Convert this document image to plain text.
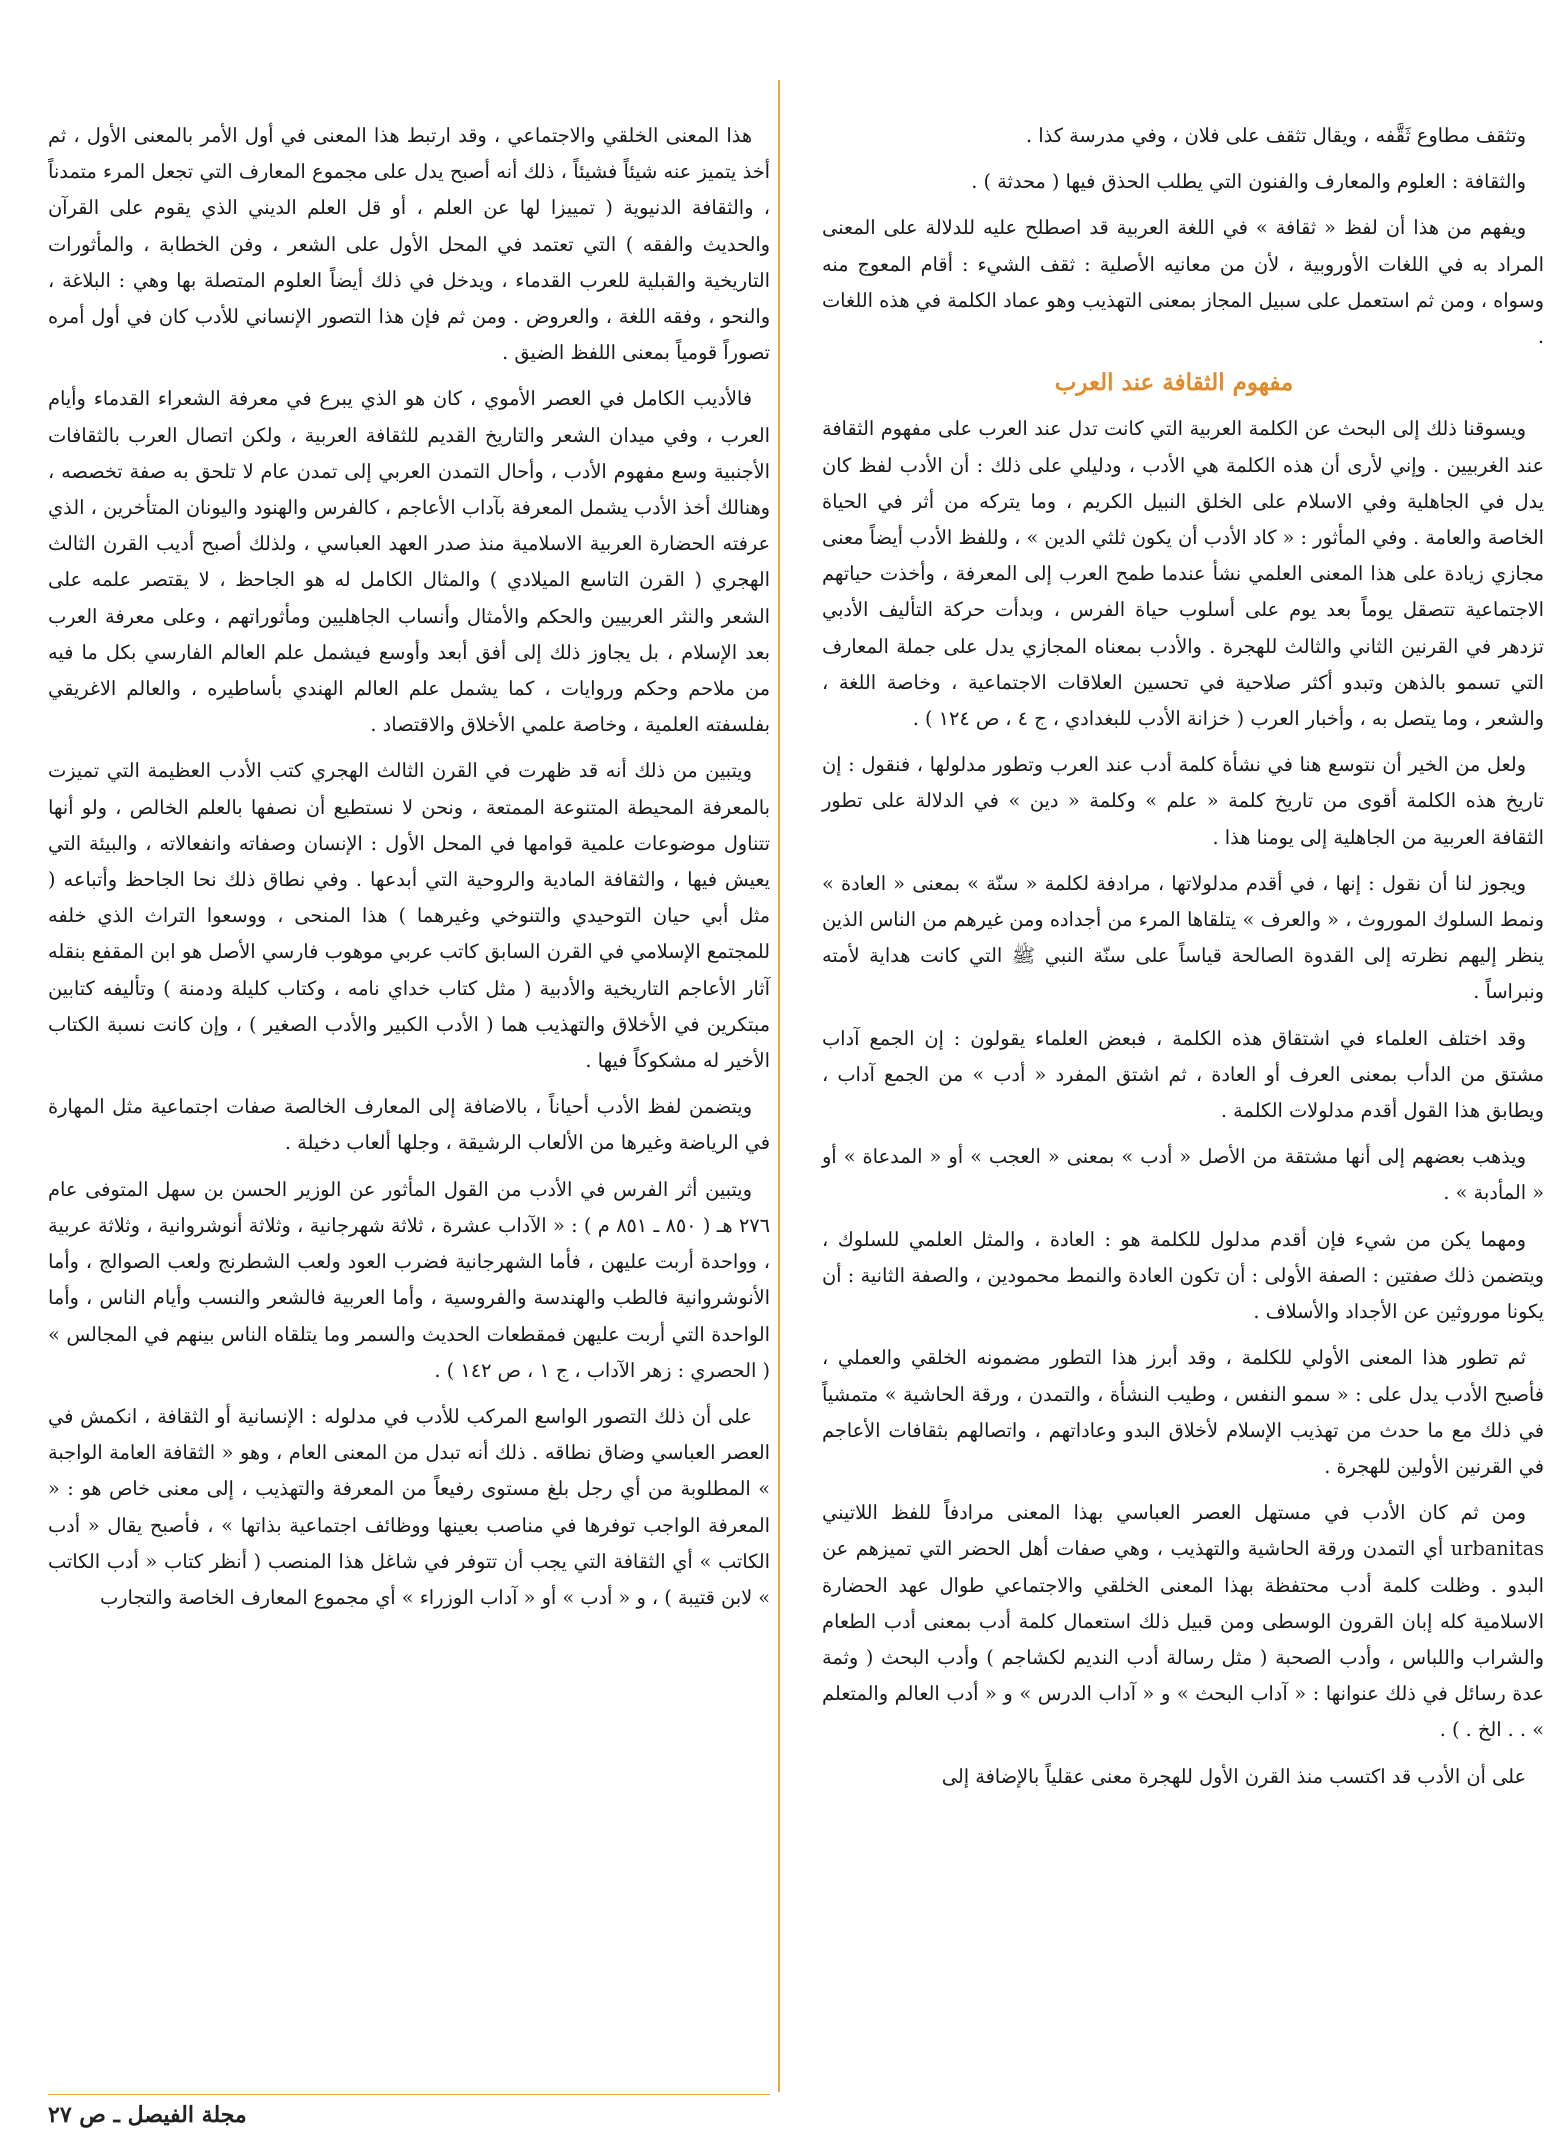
وتثقف مطاوع ثَقَّفه ، ويقال تثقف على فلان ، وفي مدرسة كذا .

والثقافة : العلوم والمعارف والفنون التي يطلب الحذق فيها ( محدثة ) .

ويفهم من هذا أن لفظ « ثقافة » في اللغة العربية قد اصطلح عليه للدلالة على المعنى المراد به في اللغات الأوروبية ، لأن من معانيه الأصلية : ثقف الشيء : أقام المعوج منه وسواه ، ومن ثم استعمل على سبيل المجاز بمعنى التهذيب وهو عماد الكلمة في هذه اللغات .

مفهوم الثقافة عند العرب

ويسوقنا ذلك إلى البحث عن الكلمة العربية التي كانت تدل عند العرب على مفهوم الثقافة عند الغربيين . وإني لأرى أن هذه الكلمة هي الأدب ، ودليلي على ذلك : أن الأدب لفظ كان يدل في الجاهلية وفي الاسلام على الخلق النبيل الكريم ، وما يتركه من أثر في الحياة الخاصة والعامة . وفي المأثور : « كاد الأدب أن يكون ثلثي الدين » ، وللفظ الأدب أيضاً معنى مجازي زيادة على هذا المعنى العلمي نشأ عندما طمح العرب إلى المعرفة ، وأخذت حياتهم الاجتماعية تتصقل يوماً بعد يوم على أسلوب حياة الفرس ، وبدأت حركة التأليف الأدبي تزدهر في القرنين الثاني والثالث للهجرة . والأدب بمعناه المجازي يدل على جملة المعارف التي تسمو بالذهن وتبدو أكثر صلاحية في تحسين العلاقات الاجتماعية ، وخاصة اللغة ، والشعر ، وما يتصل به ، وأخبار العرب ( خزانة الأدب للبغدادي ، ج ٤ ، ص ١٢٤ ) .

ولعل من الخير أن نتوسع هنا في نشأة كلمة أدب عند العرب وتطور مدلولها ، فنقول : إن تاريخ هذه الكلمة أقوى من تاريخ كلمة « علم » وكلمة « دين » في الدلالة على تطور الثقافة العربية من الجاهلية إلى يومنا هذا .

ويجوز لنا أن نقول : إنها ، في أقدم مدلولاتها ، مرادفة لكلمة « سنّة » بمعنى « العادة » ونمط السلوك الموروث ، « والعرف » يتلقاها المرء من أجداده ومن غيرهم من الناس الذين ينظر إليهم نظرته إلى القدوة الصالحة قياساً على سنّة النبي ﷺ التي كانت هداية لأمته ونبراساً .

وقد اختلف العلماء في اشتقاق هذه الكلمة ، فبعض العلماء يقولون : إن الجمع آداب مشتق من الدأب بمعنى العرف أو العادة ، ثم اشتق المفرد « أدب » من الجمع آداب ، ويطابق هذا القول أقدم مدلولات الكلمة .

ويذهب بعضهم إلى أنها مشتقة من الأصل « أدب » بمعنى « العجب » أو « المدعاة » أو « المأدبة » .

ومهما يكن من شيء فإن أقدم مدلول للكلمة هو : العادة ، والمثل العلمي للسلوك ، ويتضمن ذلك صفتين : الصفة الأولى : أن تكون العادة والنمط محمودين ، والصفة الثانية : أن يكونا موروثين عن الأجداد والأسلاف .

ثم تطور هذا المعنى الأولي للكلمة ، وقد أبرز هذا التطور مضمونه الخلقي والعملي ، فأصبح الأدب يدل على : « سمو النفس ، وطيب النشأة ، والتمدن ، ورقة الحاشية » متمشياً في ذلك مع ما حدث من تهذيب الإسلام لأخلاق البدو وعاداتهم ، واتصالهم بثقافات الأعاجم في القرنين الأولين للهجرة .

ومن ثم كان الأدب في مستهل العصر العباسي بهذا المعنى مرادفاً للفظ اللاتيني urbanitas أي التمدن ورقة الحاشية والتهذيب ، وهي صفات أهل الحضر التي تميزهم عن البدو . وظلت كلمة أدب محتفظة بهذا المعنى الخلقي والاجتماعي طوال عهد الحضارة الاسلامية كله إبان القرون الوسطى ومن قبيل ذلك استعمال كلمة أدب بمعنى أدب الطعام والشراب واللباس ، وأدب الصحبة ( مثل رسالة أدب النديم لكشاجم ) وأدب البحث ( وثمة عدة رسائل في ذلك عنوانها : « آداب البحث » و « آداب الدرس » و « أدب العالم والمتعلم » . . الخ . ) .

على أن الأدب قد اكتسب منذ القرن الأول للهجرة معنى عقلياً بالإضافة إلى

هذا المعنى الخلقي والاجتماعي ، وقد ارتبط هذا المعنى في أول الأمر بالمعنى الأول ، ثم أخذ يتميز عنه شيئاً فشيئاً ، ذلك أنه أصبح يدل على مجموع المعارف التي تجعل المرء متمدناً ، والثقافة الدنيوية ( تمييزا لها عن العلم ، أو قل العلم الديني الذي يقوم على القرآن والحديث والفقه ) التي تعتمد في المحل الأول على الشعر ، وفن الخطابة ، والمأثورات التاريخية والقبلية للعرب القدماء ، ويدخل في ذلك أيضاً العلوم المتصلة بها وهي : البلاغة ، والنحو ، وفقه اللغة ، والعروض . ومن ثم فإن هذا التصور الإنساني للأدب كان في أول أمره تصوراً قومياً بمعنى اللفظ الضيق .

فالأديب الكامل في العصر الأموي ، كان هو الذي يبرع في معرفة الشعراء القدماء وأيام العرب ، وفي ميدان الشعر والتاريخ القديم للثقافة العربية ، ولكن اتصال العرب بالثقافات الأجنبية وسع مفهوم الأدب ، وأحال التمدن العربي إلى تمدن عام لا تلحق به صفة تخصصه ، وهنالك أخذ الأدب يشمل المعرفة بآداب الأعاجم ، كالفرس والهنود واليونان المتأخرين ، الذي عرفته الحضارة العربية الاسلامية منذ صدر العهد العباسي ، ولذلك أصبح أديب القرن الثالث الهجري ( القرن التاسع الميلادي ) والمثال الكامل له هو الجاحظ ، لا يقتصر علمه على الشعر والنثر العربيين والحكم والأمثال وأنساب الجاهليين ومأثوراتهم ، وعلى معرفة العرب بعد الإسلام ، بل يجاوز ذلك إلى أفق أبعد وأوسع فيشمل علم العالم الفارسي بكل ما فيه من ملاحم وحكم وروايات ، كما يشمل علم العالم الهندي بأساطيره ، والعالم الاغريقي بفلسفته العلمية ، وخاصة علمي الأخلاق والاقتصاد .

ويتبين من ذلك أنه قد ظهرت في القرن الثالث الهجري كتب الأدب العظيمة التي تميزت بالمعرفة المحيطة المتنوعة الممتعة ، ونحن لا نستطيع أن نصفها بالعلم الخالص ، ولو أنها تتناول موضوعات علمية قوامها في المحل الأول : الإنسان وصفاته وانفعالاته ، والبيئة التي يعيش فيها ، والثقافة المادية والروحية التي أبدعها . وفي نطاق ذلك نحا الجاحظ وأتباعه ( مثل أبي حيان التوحيدي والتنوخي وغيرهما ) هذا المنحى ، ووسعوا التراث الذي خلفه للمجتمع الإسلامي في القرن السابق كاتب عربي موهوب فارسي الأصل هو ابن المقفع بنقله آثار الأعاجم التاريخية والأدبية ( مثل كتاب خداي نامه ، وكتاب كليلة ودمنة ) وتأليفه كتابين مبتكرين في الأخلاق والتهذيب هما ( الأدب الكبير والأدب الصغير ) ، وإن كانت نسبة الكتاب الأخير له مشكوكاً فيها .

ويتضمن لفظ الأدب أحياناً ، بالاضافة إلى المعارف الخالصة صفات اجتماعية مثل المهارة في الرياضة وغيرها من الألعاب الرشيقة ، وجلها ألعاب دخيلة .

ويتبين أثر الفرس في الأدب من القول المأثور عن الوزير الحسن بن سهل المتوفى عام ٢٧٦ هـ ( ٨٥٠ ـ ٨٥١ م ) : « الآداب عشرة ، ثلاثة شهرجانية ، وثلاثة أنوشروانية ، وثلاثة عربية ، وواحدة أربت عليهن ، فأما الشهرجانية فضرب العود ولعب الشطرنج ولعب الصوالج ، وأما الأنوشروانية فالطب والهندسة والفروسية ، وأما العربية فالشعر والنسب وأيام الناس ، وأما الواحدة التي أربت عليهن فمقطعات الحديث والسمر وما يتلقاه الناس بينهم في المجالس » ( الحصري : زهر الآداب ، ج ١ ، ص ١٤٢ ) .

على أن ذلك التصور الواسع المركب للأدب في مدلوله : الإنسانية أو الثقافة ، انكمش في العصر العباسي وضاق نطاقه . ذلك أنه تبدل من المعنى العام ، وهو « الثقافة العامة الواجبة » المطلوبة من أي رجل بلغ مستوى رفيعاً من المعرفة والتهذيب ، إلى معنى خاص هو : « المعرفة الواجب توفرها في مناصب بعينها ووظائف اجتماعية بذاتها » ، فأصبح يقال « أدب الكاتب » أي الثقافة التي يجب أن تتوفر في شاغل هذا المنصب ( أنظر كتاب « أدب الكاتب » لابن قتيبة ) ، و « أدب » أو « آداب الوزراء » أي مجموع المعارف الخاصة والتجارب

مجلة الفيصل ـ ص ٢٧
